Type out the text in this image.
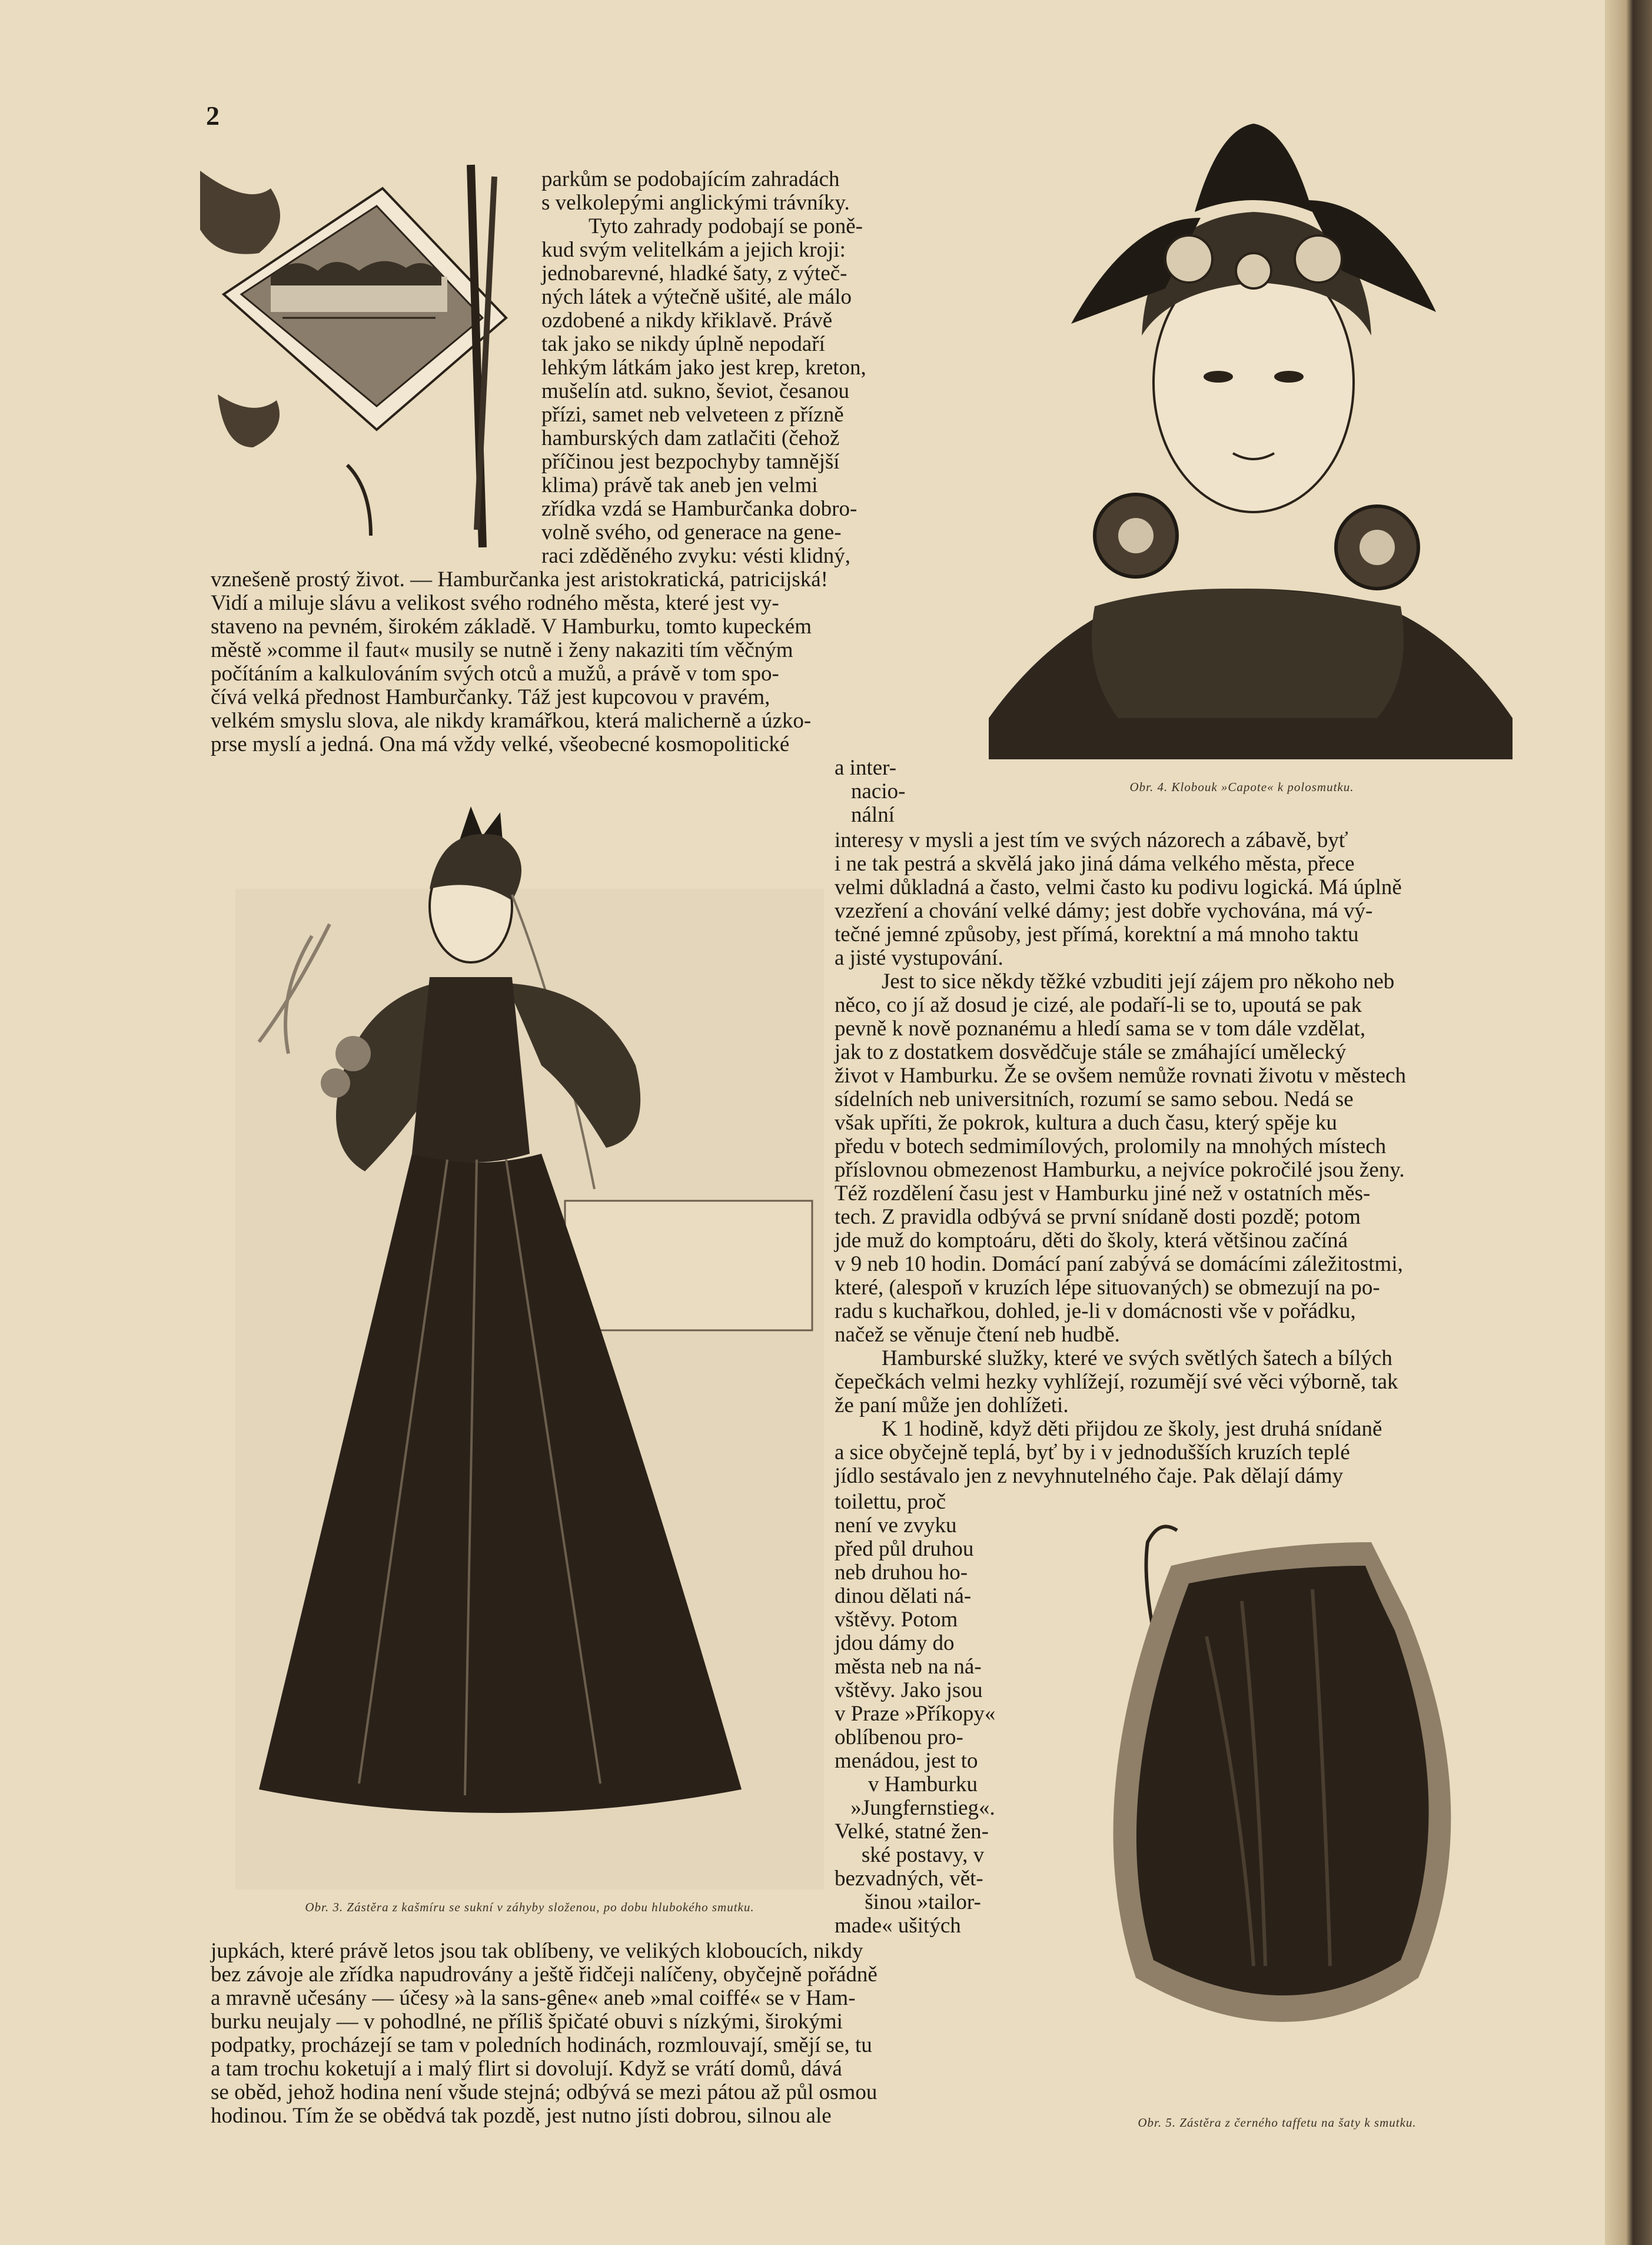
2

parkům se podobajícím zahradách

s velkolepými anglickými trávníky.

Tyto zahrady podobají se poně-

kud svým velitelkám a jejich kroji:

jednobarevné, hladké šaty, z výteč-

ných látek a výtečně ušité, ale málo

ozdobené a nikdy křiklavě. Právě

tak jako se nikdy úplně nepodaří

lehkým látkám jako jest krep, kreton,

mušelín atd. sukno, ševiot, česanou

přízi, samet neb velveteen z přízně

hamburských dam zatlačiti (čehož

příčinou jest bezpochyby tamnější

klima) právě tak aneb jen velmi

zřídka vzdá se Hamburčanka dobro-

volně svého, od generace na gene-

raci zděděného zvyku: vésti klidný,

vznešeně prostý život. — Hamburčanka jest aristokratická, patricijská!

Vidí a miluje slávu a velikost svého rodného města, které jest vy-

staveno na pevném, širokém základě. V Hamburku, tomto kupeckém

městě »comme il faut« musily se nutně i ženy nakaziti tím věčným

počítáním a kalkulováním svých otců a mužů, a právě v tom spo-

čívá velká přednost Hamburčanky. Táž jest kupcovou v pravém,

velkém smyslu slova, ale nikdy kramářkou, která malicherně a úzko-

prse myslí a jedná. Ona má vždy velké, všeobecné kosmopolitické

a inter-

nacio-

nální

Obr. 4. Klobouk »Capote« k polosmutku.
Obr. 3. Zástěra z kašmíru se sukní v záhyby složenou, po dobu hlubokého smutku.

interesy v mysli a jest tím ve svých názorech a zábavě, byť

i ne tak pestrá a skvělá jako jiná dáma velkého města, přece

velmi důkladná a často, velmi často ku podivu logická. Má úplně

vzezření a chování velké dámy; jest dobře vychována, má vý-

tečné jemné způsoby, jest přímá, korektní a má mnoho taktu

a jisté vystupování.

Jest to sice někdy těžké vzbuditi její zájem pro někoho neb

něco, co jí až dosud je cizé, ale podaří-li se to, upoutá se pak

pevně k nově poznanému a hledí sama se v tom dále vzdělat,

jak to z dostatkem dosvědčuje stále se zmáhající umělecký

život v Hamburku. Že se ovšem nemůže rovnati životu v městech

sídelních neb universitních, rozumí se samo sebou. Nedá se

však upříti, že pokrok, kultura a duch času, který spěje ku

předu v botech sedmimílových, prolomily na mnohých místech

příslovnou obmezenost Hamburku, a nejvíce pokročilé jsou ženy.

Též rozdělení času jest v Hamburku jiné než v ostatních měs-

tech. Z pravidla odbývá se první snídaně dosti pozdě; potom

jde muž do komptoáru, děti do školy, která většinou začíná

v 9 neb 10 hodin. Domácí paní zabývá se domácími záležitostmi,

které, (alespoň v kruzích lépe situovaných) se obmezují na po-

radu s kuchařkou, dohled, je-li v domácnosti vše v pořádku,

načež se věnuje čtení neb hudbě.

Hamburské služky, které ve svých světlých šatech a bílých

čepečkách velmi hezky vyhlížejí, rozumějí své věci výborně, tak

že paní může jen dohlížeti.

K 1 hodině, když děti přijdou ze školy, jest druhá snídaně

a sice obyčejně teplá, byť by i v jednodušších kruzích teplé

jídlo sestávalo jen z nevyhnutelného čaje. Pak dělají dámy

toilettu, proč

není ve zvyku

před půl druhou

neb druhou ho-

dinou dělati ná-

vštěvy. Potom

jdou dámy do

města neb na ná-

vštěvy. Jako jsou

v Praze »Příkopy«

oblíbenou pro-

menádou, jest to

v Hamburku

»Jungfernstieg«.

Velké, statné žen-

ské postavy, v

bezvadných, vět-

šinou »tailor-

made« ušitých

Obr. 5. Zástěra z černého taffetu na šaty k smutku.

jupkách, které právě letos jsou tak oblíbeny, ve velikých kloboucích, nikdy

bez závoje ale zřídka napudrovány a ještě řidčeji nalíčeny, obyčejně pořádně

a mravně učesány — účesy »à la sans-gêne« aneb »mal coiffé« se v Ham-

burku neujaly — v pohodlné, ne příliš špičaté obuvi s nízkými, širokými

podpatky, procházejí se tam v poledních hodinách, rozmlouvají, smějí se, tu

a tam trochu koketují a i malý flirt si dovolují. Když se vrátí domů, dává

se oběd, jehož hodina není všude stejná; odbývá se mezi pátou až půl osmou

hodinou. Tím že se obědvá tak pozdě, jest nutno jísti dobrou, silnou ale
